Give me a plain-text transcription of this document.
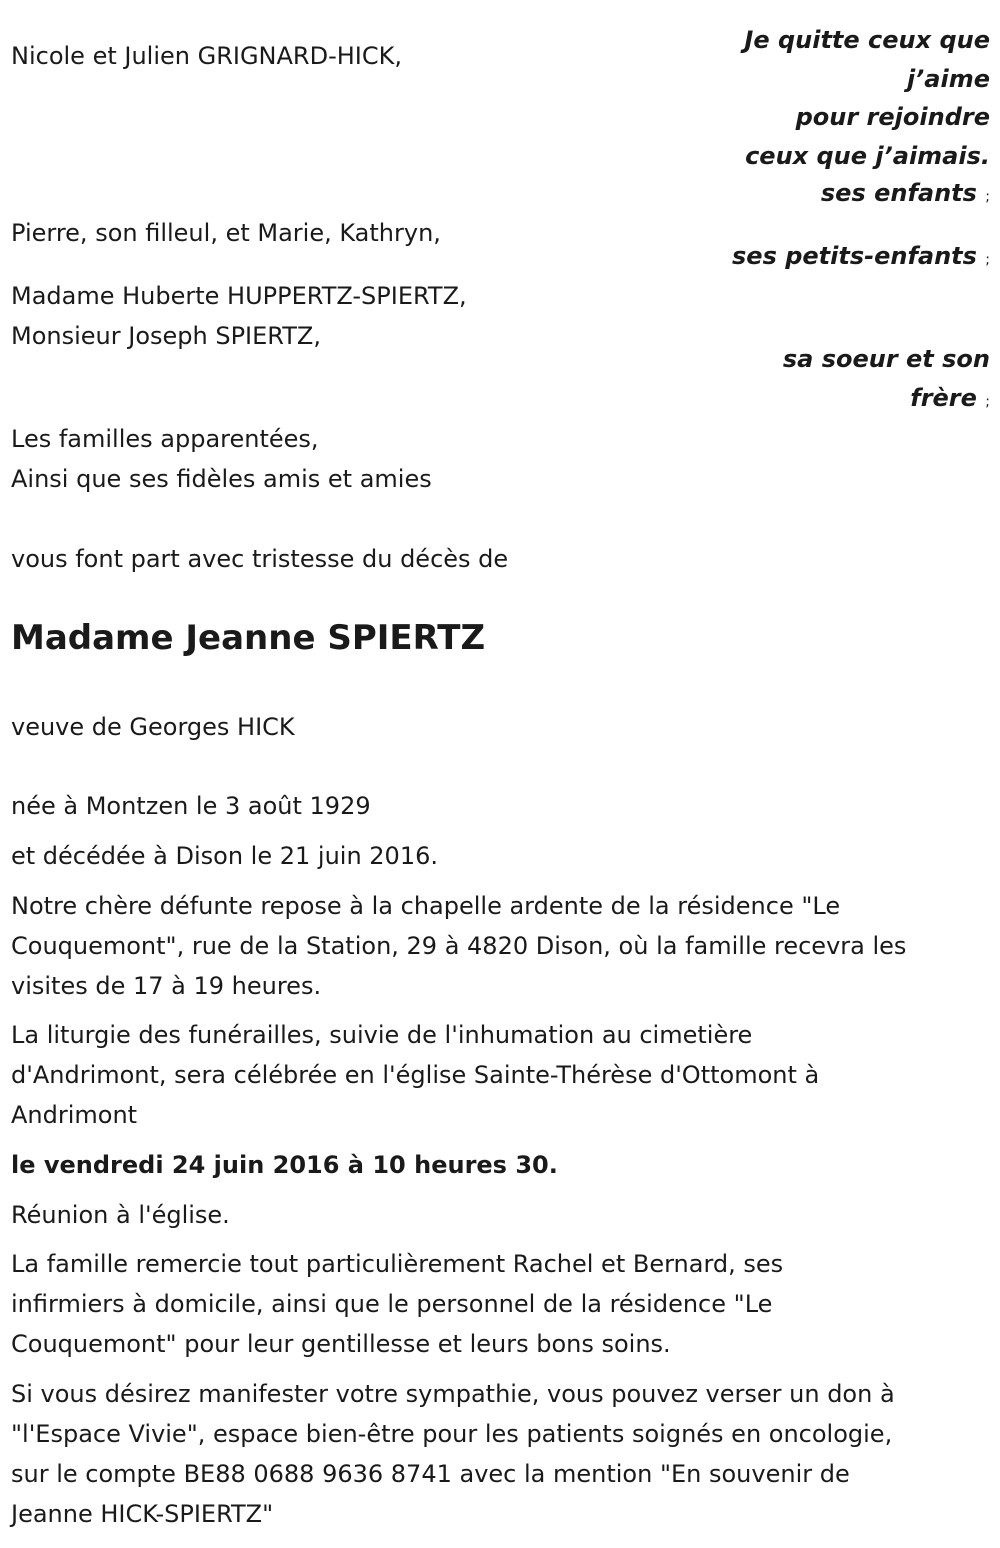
Nicole et Julien GRIGNARD-HICK,
Pierre, son filleul, et Marie, Kathryn,
Madame Huberte HUPPERTZ-SPIERTZ,
Monsieur Joseph SPIERTZ,
Les familles apparentées,
Ainsi que ses fidèles amis et amies
vous font part avec tristesse du décès de
Je quitte ceux que
j’aime
pour rejoindre
ceux que j’aimais.
ses enfants ;
ses petits-enfants ;
sa soeur et son
frère ;
Madame Jeanne SPIERTZ
veuve de Georges HICK
née à Montzen le 3 août 1929
et décédée à Dison le 21 juin 2016.
Notre chère défunte repose à la chapelle ardente de la résidence "Le
Couquemont", rue de la Station, 29 à 4820 Dison, où la famille recevra les
visites de 17 à 19 heures.
La liturgie des funérailles, suivie de l'inhumation au cimetière
d'Andrimont, sera célébrée en l'église Sainte-Thérèse d'Ottomont à
Andrimont
le vendredi 24 juin 2016 à 10 heures 30.
Réunion à l'église.
La famille remercie tout particulièrement Rachel et Bernard, ses
infirmiers à domicile, ainsi que le personnel de la résidence "Le
Couquemont" pour leur gentillesse et leurs bons soins.
Si vous désirez manifester votre sympathie, vous pouvez verser un don à
"l'Espace Vivie", espace bien-être pour les patients soignés en oncologie,
sur le compte BE88 0688 9636 8741 avec la mention "En souvenir de
Jeanne HICK-SPIERTZ"
